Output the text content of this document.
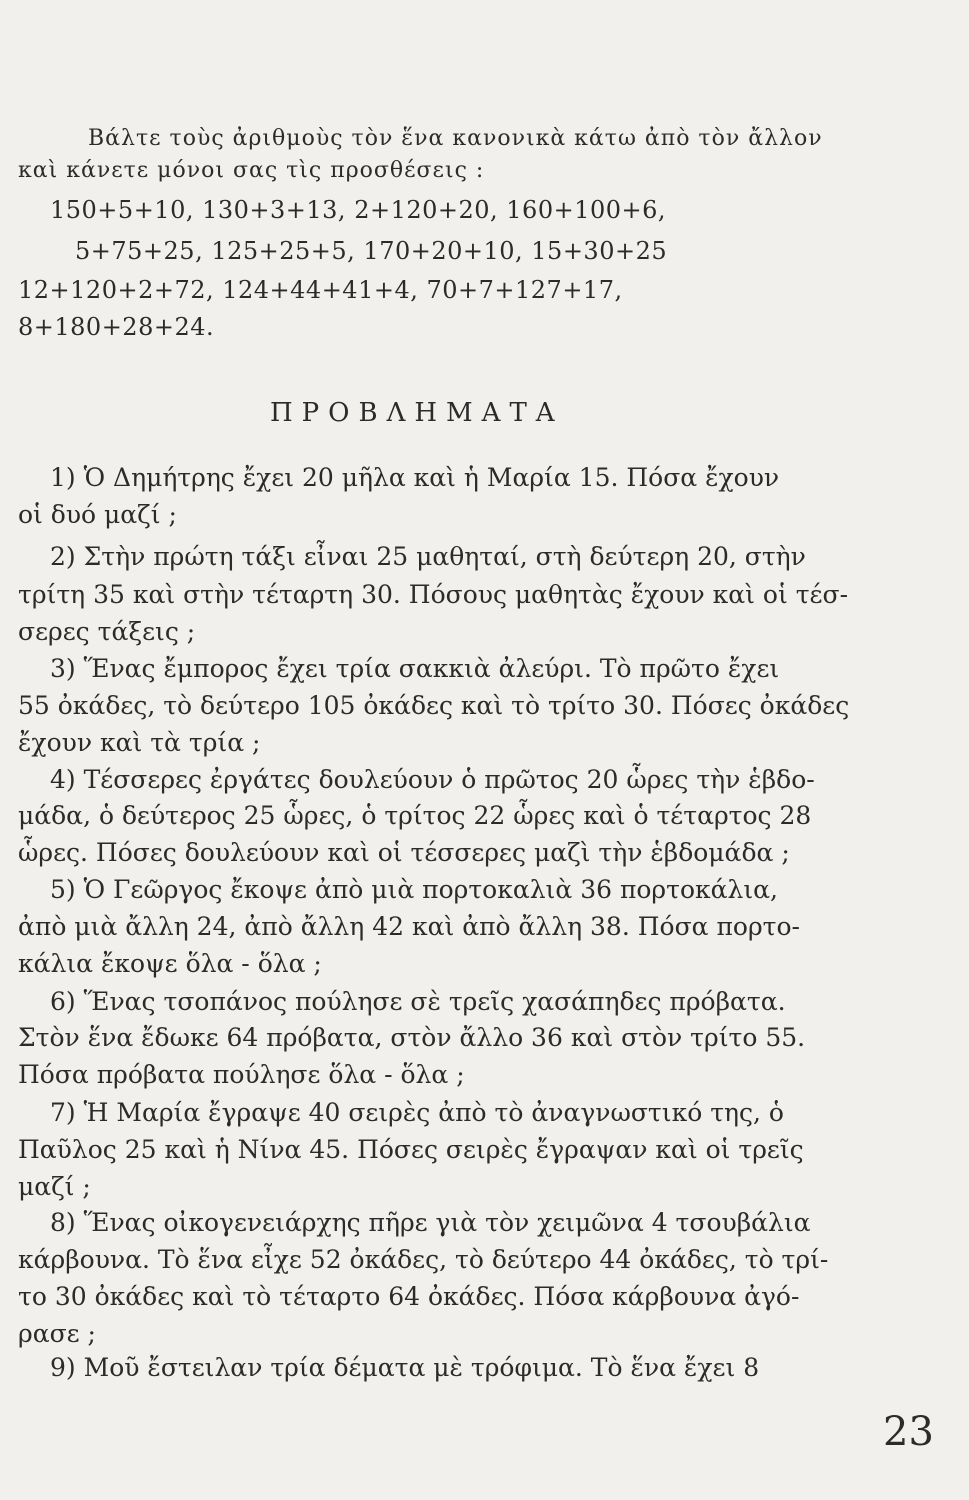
Βάλτε τοὺς ἀριθμοὺς τὸν ἕνα κανονικὰ κάτω ἀπὸ τὸν ἄλλον

καὶ κάνετε μόνοι σας τὶς προσθέσεις :

150+5+10, 130+3+13, 2+120+20, 160+100+6,

5+75+25, 125+25+5, 170+20+10, 15+30+25

12+120+2+72, 124+44+41+4, 70+7+127+17,

8+180+28+24.

ΠΡΟΒΛΗΜΑΤΑ

1) Ὁ Δημήτρης ἔχει 20 μῆλα καὶ ἡ Μαρία 15. Πόσα ἔχουν

οἱ δυό μαζί ;

2) Στὴν πρώτη τάξι εἶναι 25 μαθηταί, στὴ δεύτερη 20, στὴν

τρίτη 35 καὶ στὴν τέταρτη 30. Πόσους μαθητὰς ἔχουν καὶ οἱ τέσ-

σερες τάξεις ;

3) Ἕνας ἔμπορος ἔχει τρία σακκιὰ ἀλεύρι. Τὸ πρῶτο ἔχει

55 ὀκάδες, τὸ δεύτερο 105 ὀκάδες καὶ τὸ τρίτο 30. Πόσες ὀκάδες

ἔχουν καὶ τὰ τρία ;

4) Τέσσερες ἐργάτες δουλεύουν ὁ πρῶτος 20 ὧρες τὴν ἑβδο-

μάδα, ὁ δεύτερος 25 ὧρες, ὁ τρίτος 22 ὧρες καὶ ὁ τέταρτος 28

ὧρες. Πόσες δουλεύουν καὶ οἱ τέσσερες μαζὶ τὴν ἑβδομάδα ;

5) Ὁ Γεῶργος ἔκοψε ἀπὸ μιὰ πορτοκαλιὰ 36 πορτοκάλια,

ἀπὸ μιὰ ἄλλη 24, ἀπὸ ἄλλη 42 καὶ ἀπὸ ἄλλη 38. Πόσα πορτο-

κάλια ἔκοψε ὅλα - ὅλα ;

6) Ἕνας τσοπάνος πούλησε σὲ τρεῖς χασάπηδες πρόβατα.

Στὸν ἕνα ἔδωκε 64 πρόβατα, στὸν ἄλλο 36 καὶ στὸν τρίτο 55.

Πόσα πρόβατα πούλησε ὅλα - ὅλα ;

7) Ἡ Μαρία ἔγραψε 40 σειρὲς ἀπὸ τὸ ἀναγνωστικό της, ὁ

Παῦλος 25 καὶ ἡ Νίνα 45. Πόσες σειρὲς ἔγραψαν καὶ οἱ τρεῖς

μαζί ;

8) Ἕνας οἰκογενειάρχης πῆρε γιὰ τὸν χειμῶνα 4 τσουβάλια

κάρβουνα. Τὸ ἕνα εἶχε 52 ὀκάδες, τὸ δεύτερο 44 ὀκάδες, τὸ τρί-

το 30 ὀκάδες καὶ τὸ τέταρτο 64 ὀκάδες. Πόσα κάρβουνα ἀγό-

ρασε ;

9) Μοῦ ἔστειλαν τρία δέματα μὲ τρόφιμα. Τὸ ἕνα ἔχει 8

23
